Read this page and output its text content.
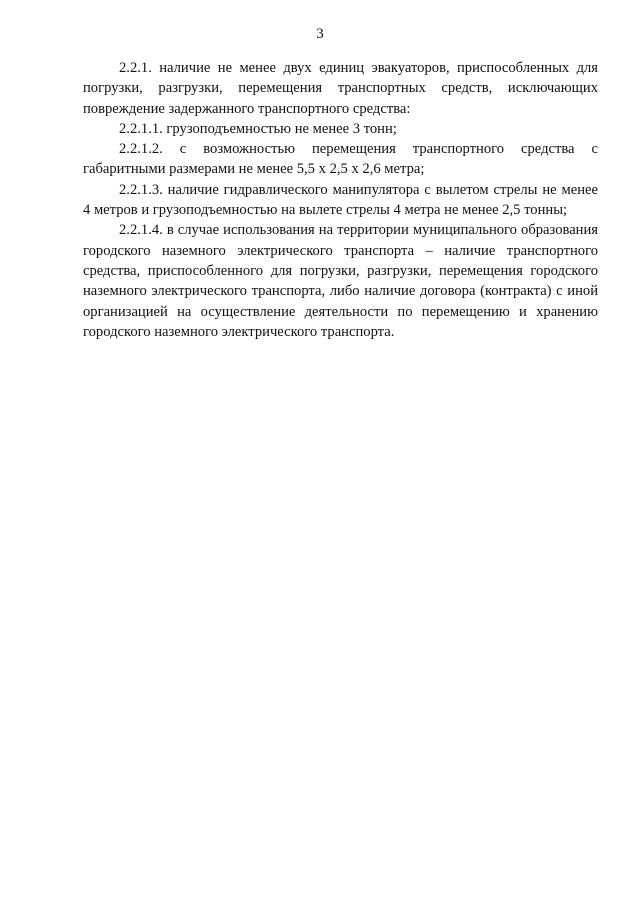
3

2.2.1. наличие не менее двух единиц эвакуаторов, приспособленных для погрузки, разгрузки, перемещения транспортных средств, исключающих повреждение задержанного транспортного средства:

2.2.1.1. грузоподъемностью не менее 3 тонн;

2.2.1.2. с возможностью перемещения транспортного средства с габаритными размерами не менее 5,5 х 2,5 х 2,6 метра;

2.2.1.3. наличие гидравлического манипулятора с вылетом стрелы не менее 4 метров и грузоподъемностью на вылете стрелы 4 метра не менее 2,5 тонны;

2.2.1.4. в случае использования на территории муниципального образования городского наземного электрического транспорта – наличие транспортного средства, приспособленного для погрузки, разгрузки, перемещения городского наземного электрического транспорта, либо наличие договора (контракта) с иной организацией на осуществление деятельности по перемещению и хранению городского наземного электрического транспорта.
